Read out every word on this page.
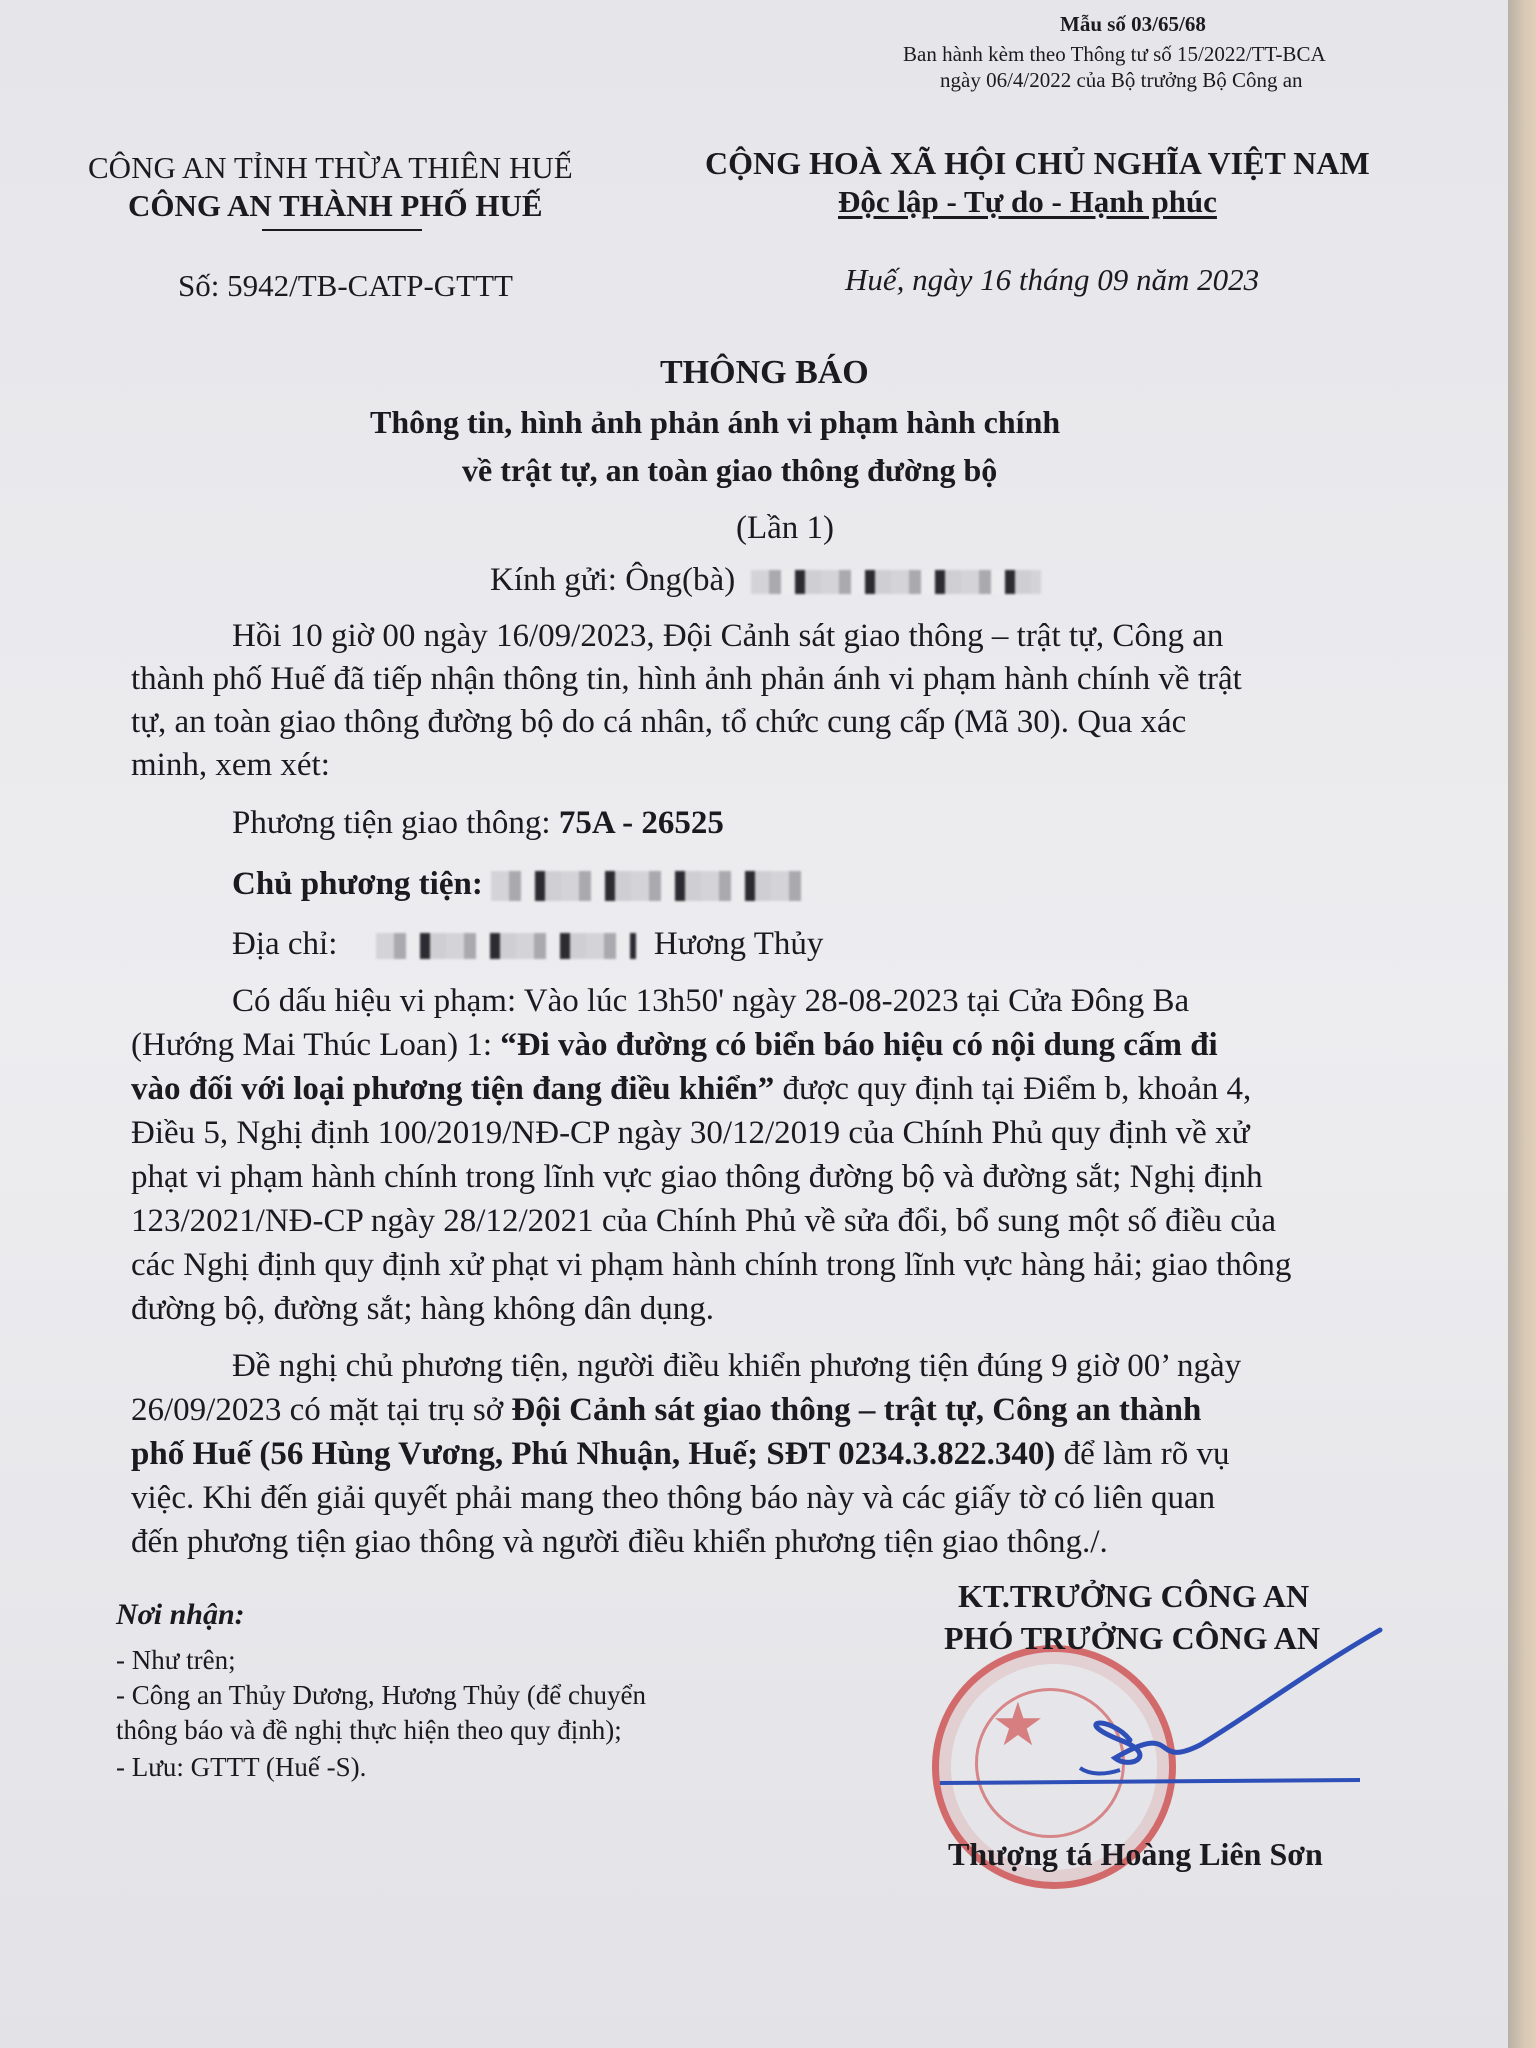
Mẫu số 03/65/68
Ban hành kèm theo Thông tư số 15/2022/TT-BCA
ngày 06/4/2022 của Bộ trưởng Bộ Công an
CÔNG AN TỈNH THỪA THIÊN HUẾ
CÔNG AN THÀNH PHỐ HUẾ
Số: 5942/TB-CATP-GTTT
CỘNG HOÀ XÃ HỘI CHỦ NGHĨA VIỆT NAM
Độc lập - Tự do - Hạnh phúc
Huế, ngày 16 tháng 09 năm 2023
THÔNG BÁO
Thông tin, hình ảnh phản ánh vi phạm hành chính
về trật tự, an toàn giao thông đường bộ
(Lần 1)
Kính gửi: Ông(bà)
Hồi 10 giờ 00 ngày 16/09/2023, Đội Cảnh sát giao thông – trật tự, Công an
thành phố Huế đã tiếp nhận thông tin, hình ảnh phản ánh vi phạm hành chính về trật
tự, an toàn giao thông đường bộ do cá nhân, tổ chức cung cấp (Mã 30). Qua xác
minh, xem xét:
Phương tiện giao thông: 75A - 26525
Chủ phương tiện:
Địa chỉ:	Hương Thủy
Có dấu hiệu vi phạm: Vào lúc 13h50' ngày 28-08-2023 tại Cửa Đông Ba
(Hướng Mai Thúc Loan) 1: “Đi vào đường có biển báo hiệu có nội dung cấm đi
vào đối với loại phương tiện đang điều khiển” được quy định tại Điểm b, khoản 4,
Điều 5, Nghị định 100/2019/NĐ-CP ngày 30/12/2019 của Chính Phủ quy định về xử
phạt vi phạm hành chính trong lĩnh vực giao thông đường bộ và đường sắt; Nghị định
123/2021/NĐ-CP ngày 28/12/2021 của Chính Phủ về sửa đổi, bổ sung một số điều của
các Nghị định quy định xử phạt vi phạm hành chính trong lĩnh vực hàng hải; giao thông
đường bộ, đường sắt; hàng không dân dụng.
Đề nghị chủ phương tiện, người điều khiển phương tiện đúng 9 giờ 00’ ngày
26/09/2023 có mặt tại trụ sở Đội Cảnh sát giao thông – trật tự, Công an thành
phố Huế (56 Hùng Vương, Phú Nhuận, Huế; SĐT 0234.3.822.340) để làm rõ vụ
việc. Khi đến giải quyết phải mang theo thông báo này và các giấy tờ có liên quan
đến phương tiện giao thông và người điều khiển phương tiện giao thông./.
Nơi nhận:
- Như trên;
- Công an Thủy Dương, Hương Thủy (để chuyển
thông báo và đề nghị thực hiện theo quy định);
- Lưu: GTTT (Huế -S).
★
KT.TRƯỞNG CÔNG AN
PHÓ TRƯỞNG CÔNG AN
Thượng tá Hoàng Liên Sơn
